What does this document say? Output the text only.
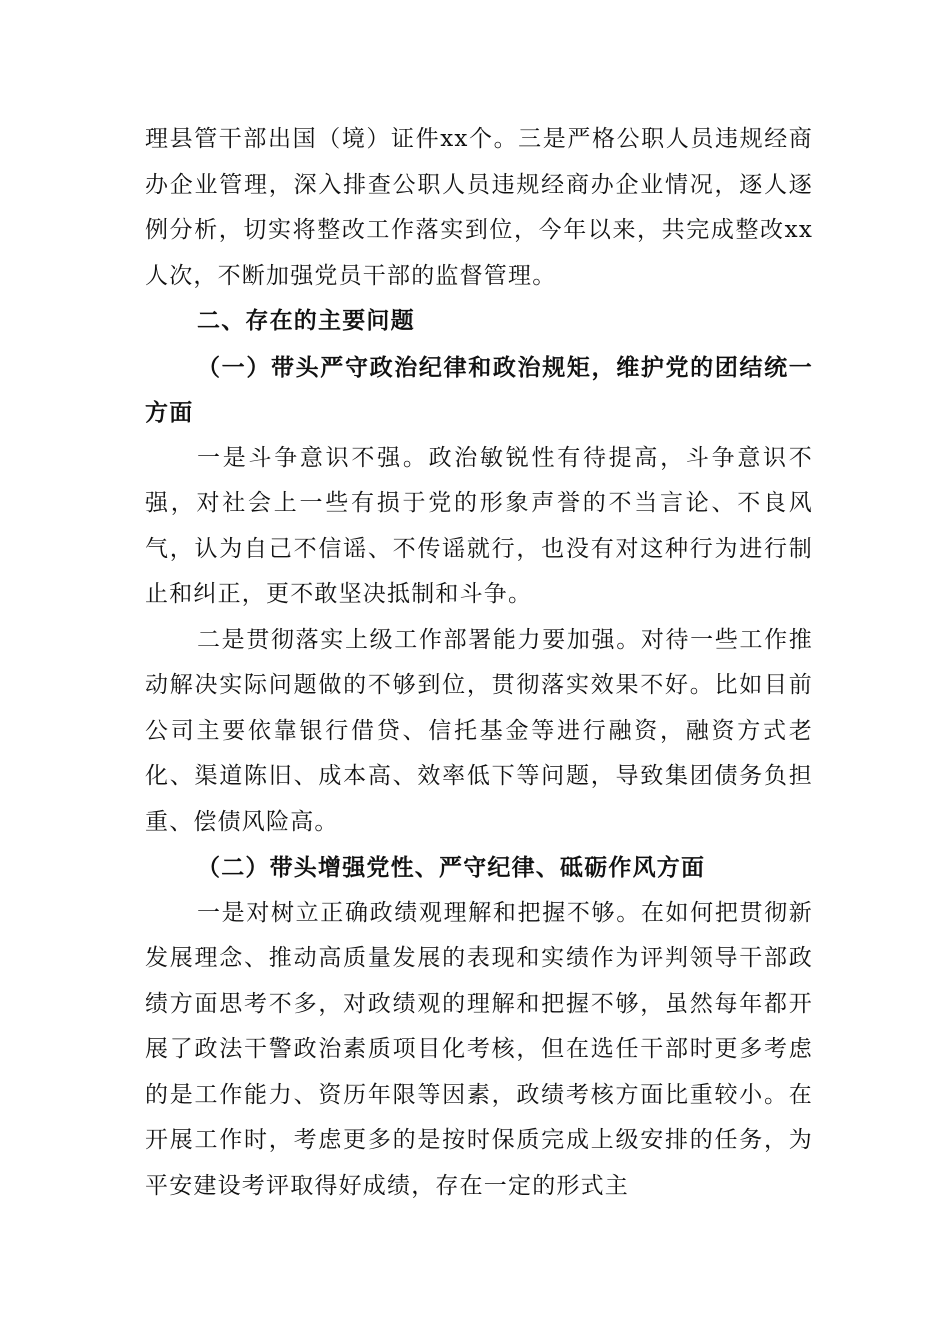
理县管干部出国（境）证件xx个。三是严格公职人员违规经商办企业管理，深入排查公职人员违规经商办企业情况，逐人逐例分析，切实将整改工作落实到位，今年以来，共完成整改xx人次，不断加强党员干部的监督管理。

二、存在的主要问题

（一）带头严守政治纪律和政治规矩，维护党的团结统一方面

一是斗争意识不强。政治敏锐性有待提高，斗争意识不强，对社会上一些有损于党的形象声誉的不当言论、不良风气，认为自己不信谣、不传谣就行，也没有对这种行为进行制止和纠正，更不敢坚决抵制和斗争。

二是贯彻落实上级工作部署能力要加强。对待一些工作推动解决实际问题做的不够到位，贯彻落实效果不好。比如目前公司主要依靠银行借贷、信托基金等进行融资，融资方式老化、渠道陈旧、成本高、效率低下等问题，导致集团债务负担重、偿债风险高。

（二）带头增强党性、严守纪律、砥砺作风方面

一是对树立正确政绩观理解和把握不够。在如何把贯彻新发展理念、推动高质量发展的表现和实绩作为评判领导干部政绩方面思考不多，对政绩观的理解和把握不够，虽然每年都开展了政法干警政治素质项目化考核，但在选任干部时更多考虑的是工作能力、资历年限等因素，政绩考核方面比重较小。在开展工作时，考虑更多的是按时保质完成上级安排的任务，为平安建设考评取得好成绩，存在一定的形式主
